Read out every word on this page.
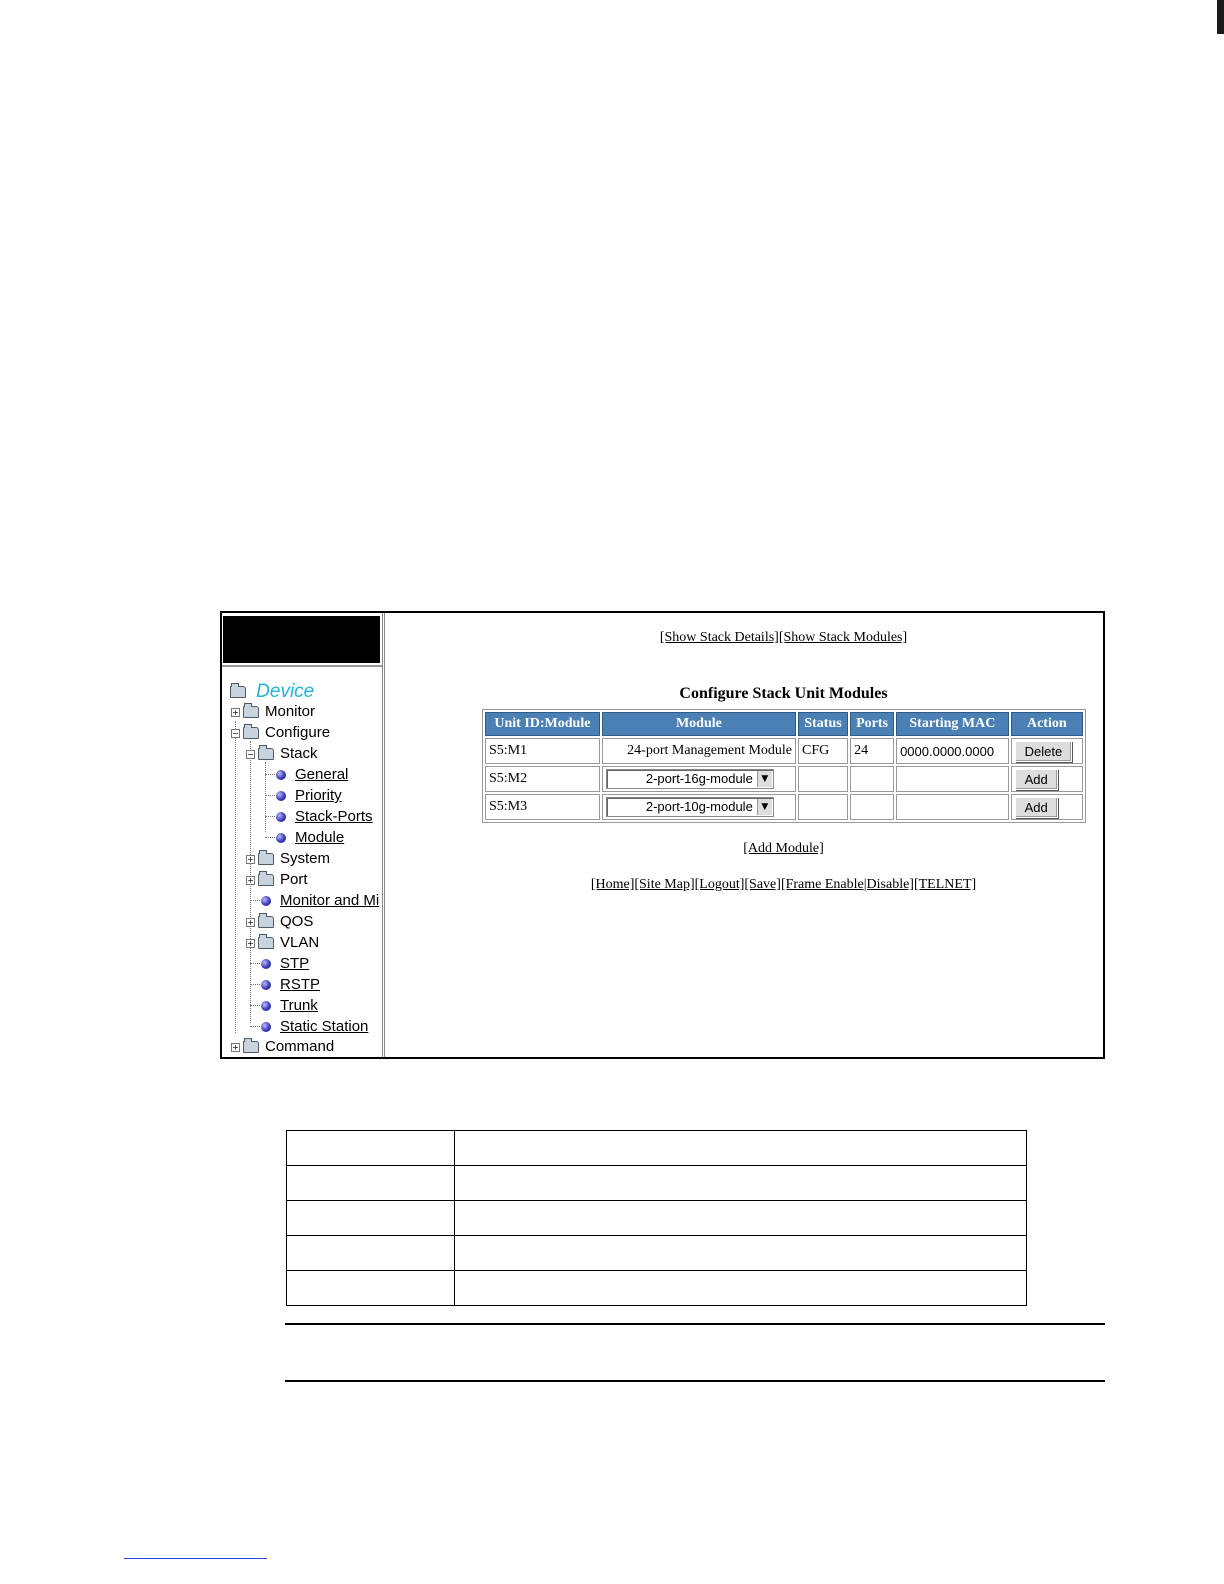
Device
+ Monitor
− Configure
− Stack
General
Priority
Stack-Ports
Module
+ System
+ Port
Monitor and Mi
+ QOS
+ VLAN
STP
RSTP
Trunk
Static Station
+ Command
[Show Stack Details][Show Stack Modules]
Configure Stack Unit Modules
Unit ID:Module	Module	Status	Ports	Starting MAC	Action
S5:M1	24-port Management Module	CFG	24	0000.0000.0000	Delete
S5:M2	2-port-16g-module ▼				Add
S5:M3	2-port-10g-module ▼				Add
[Add Module]
[Home][Site Map][Logout][Save][Frame Enable|Disable][TELNET]
